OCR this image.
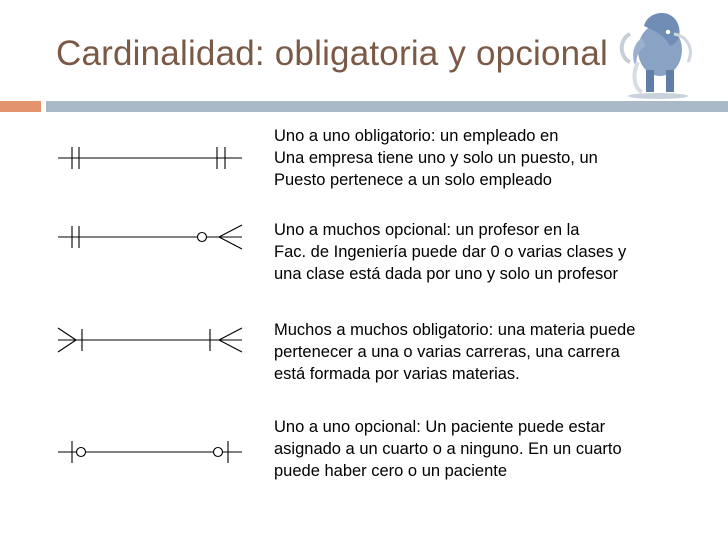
Cardinalidad: obligatoria y opcional
Uno a uno obligatorio: un empleado en
Una empresa tiene uno y solo un puesto, un
Puesto pertenece a un solo empleado
Uno a muchos opcional: un profesor en la
Fac. de Ingeniería puede dar 0 o varias clases y
una clase está dada por uno y solo un profesor
Muchos a muchos obligatorio: una materia puede
pertenecer a una o varias carreras, una carrera
está formada por varias materias.
Uno a uno opcional: Un paciente puede estar
asignado a un cuarto o a ninguno. En un cuarto
puede haber cero o un paciente
